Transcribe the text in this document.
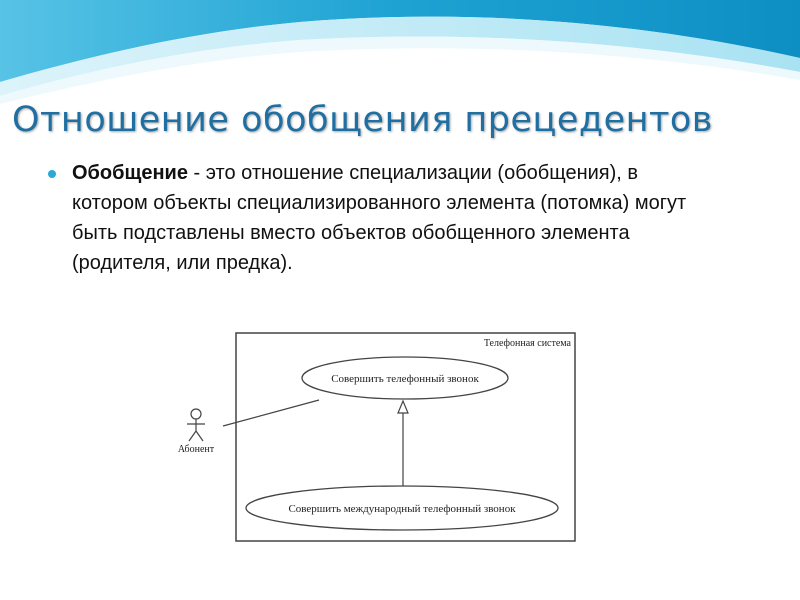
Отношение обобщения прецедентов

Обобщение - это отношение специализации (обобщения), в котором объекты специализированного элемента (потомка) могут быть подставлены вместо объектов обобщенного элемента (родителя, или предка).

Телефонная система
Абонент
Совершить телефонный звонок
Совершить международный телефонный звонок
